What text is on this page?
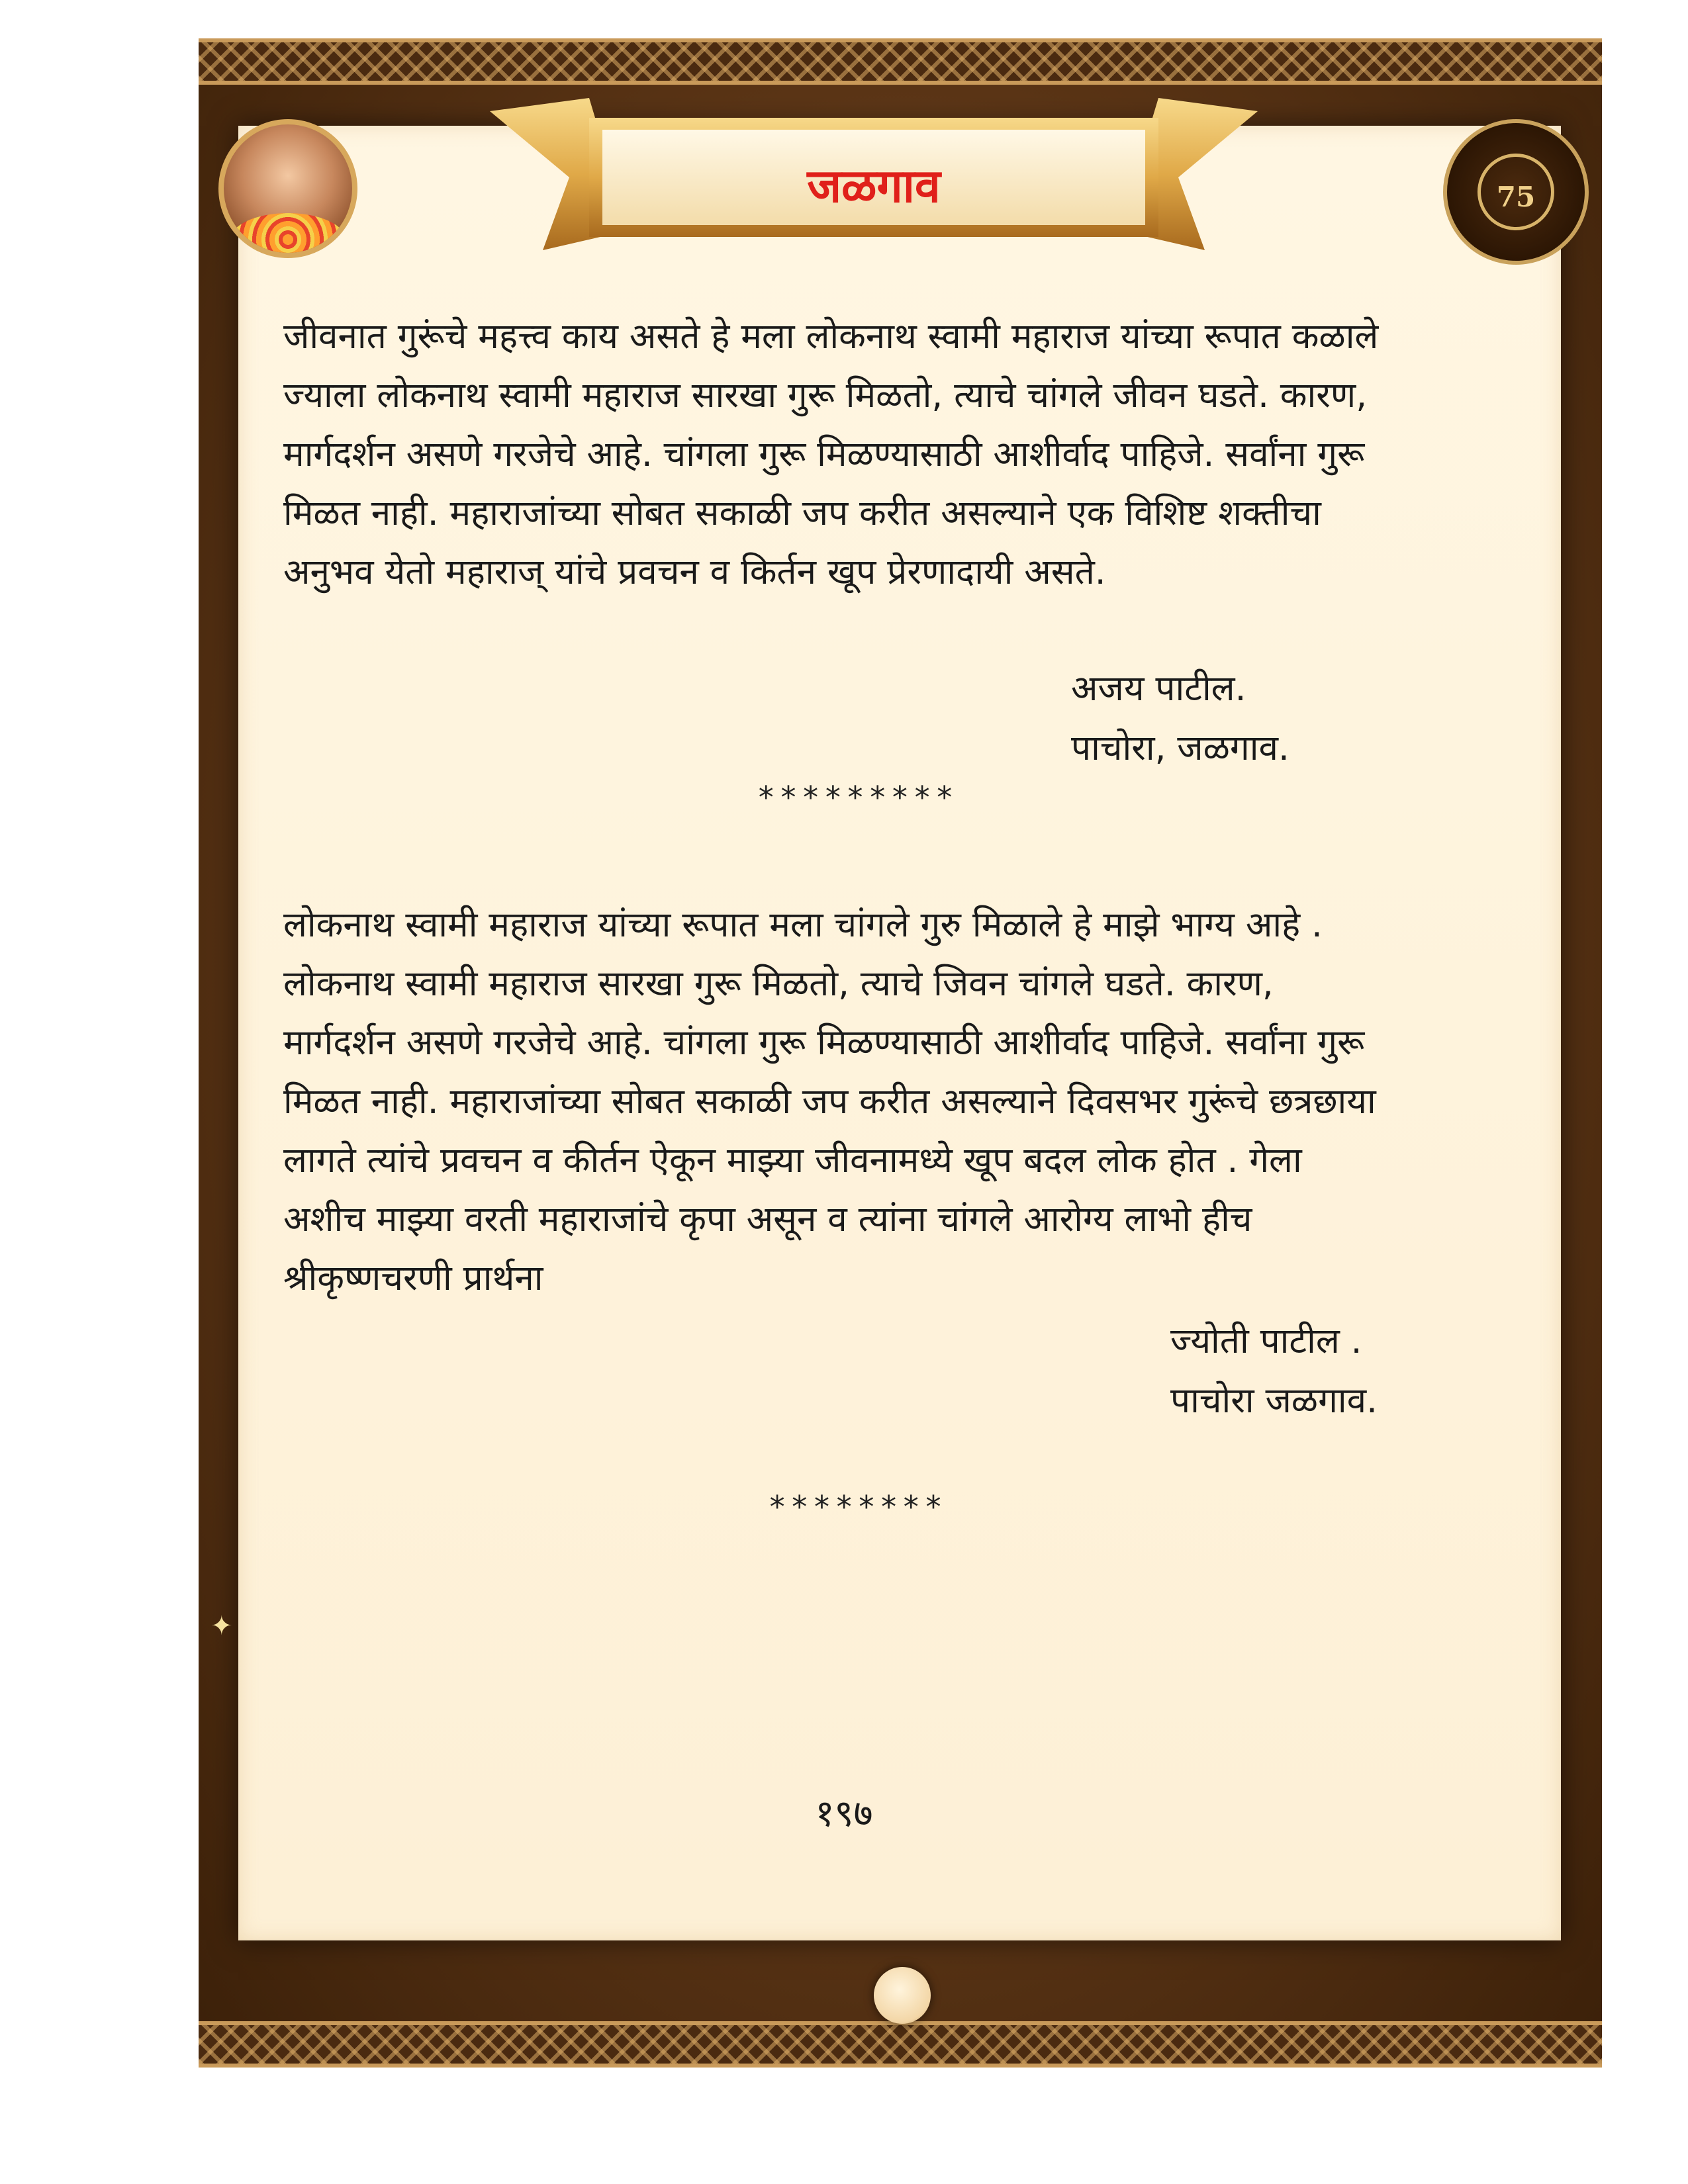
जळगाव	75

जीवनात गुरूंचे महत्त्व काय असते हे मला लोकनाथ स्वामी महाराज यांच्या रूपात कळाले
ज्याला लोकनाथ स्वामी महाराज सारखा गुरू मिळतो, त्याचे चांगले जीवन घडते. कारण,
मार्गदर्शन असणे गरजेचे आहे. चांगला गुरू मिळण्यासाठी आशीर्वाद पाहिजे. सर्वांना गुरू
मिळत नाही. महाराजांच्या सोबत सकाळी जप करीत असल्याने एक विशिष्ट शक्तीचा
अनुभव येतो महाराज् यांचे प्रवचन व किर्तन खूप प्रेरणादायी असते.

अजय पाटील.
पाचोरा, जळगाव.
*********

लोकनाथ स्वामी महाराज यांच्या रूपात मला चांगले गुरु मिळाले हे माझे भाग्य आहे .
लोकनाथ स्वामी महाराज सारखा गुरू मिळतो, त्याचे जिवन चांगले घडते. कारण,
मार्गदर्शन असणे गरजेचे आहे. चांगला गुरू मिळण्यासाठी आशीर्वाद पाहिजे. सर्वांना गुरू
मिळत नाही. महाराजांच्या सोबत सकाळी जप करीत असल्याने दिवसभर गुरूंचे छत्रछाया
लागते त्यांचे प्रवचन व कीर्तन ऐकून माझ्या जीवनामध्ये खूप बदल लोक होत . गेला
अशीच माझ्या वरती महाराजांचे कृपा असून व त्यांना चांगले आरोग्य लाभो हीच
श्रीकृष्णचरणी प्रार्थना

ज्योती पाटील .
पाचोरा जळगाव.
********
१९७
✦
